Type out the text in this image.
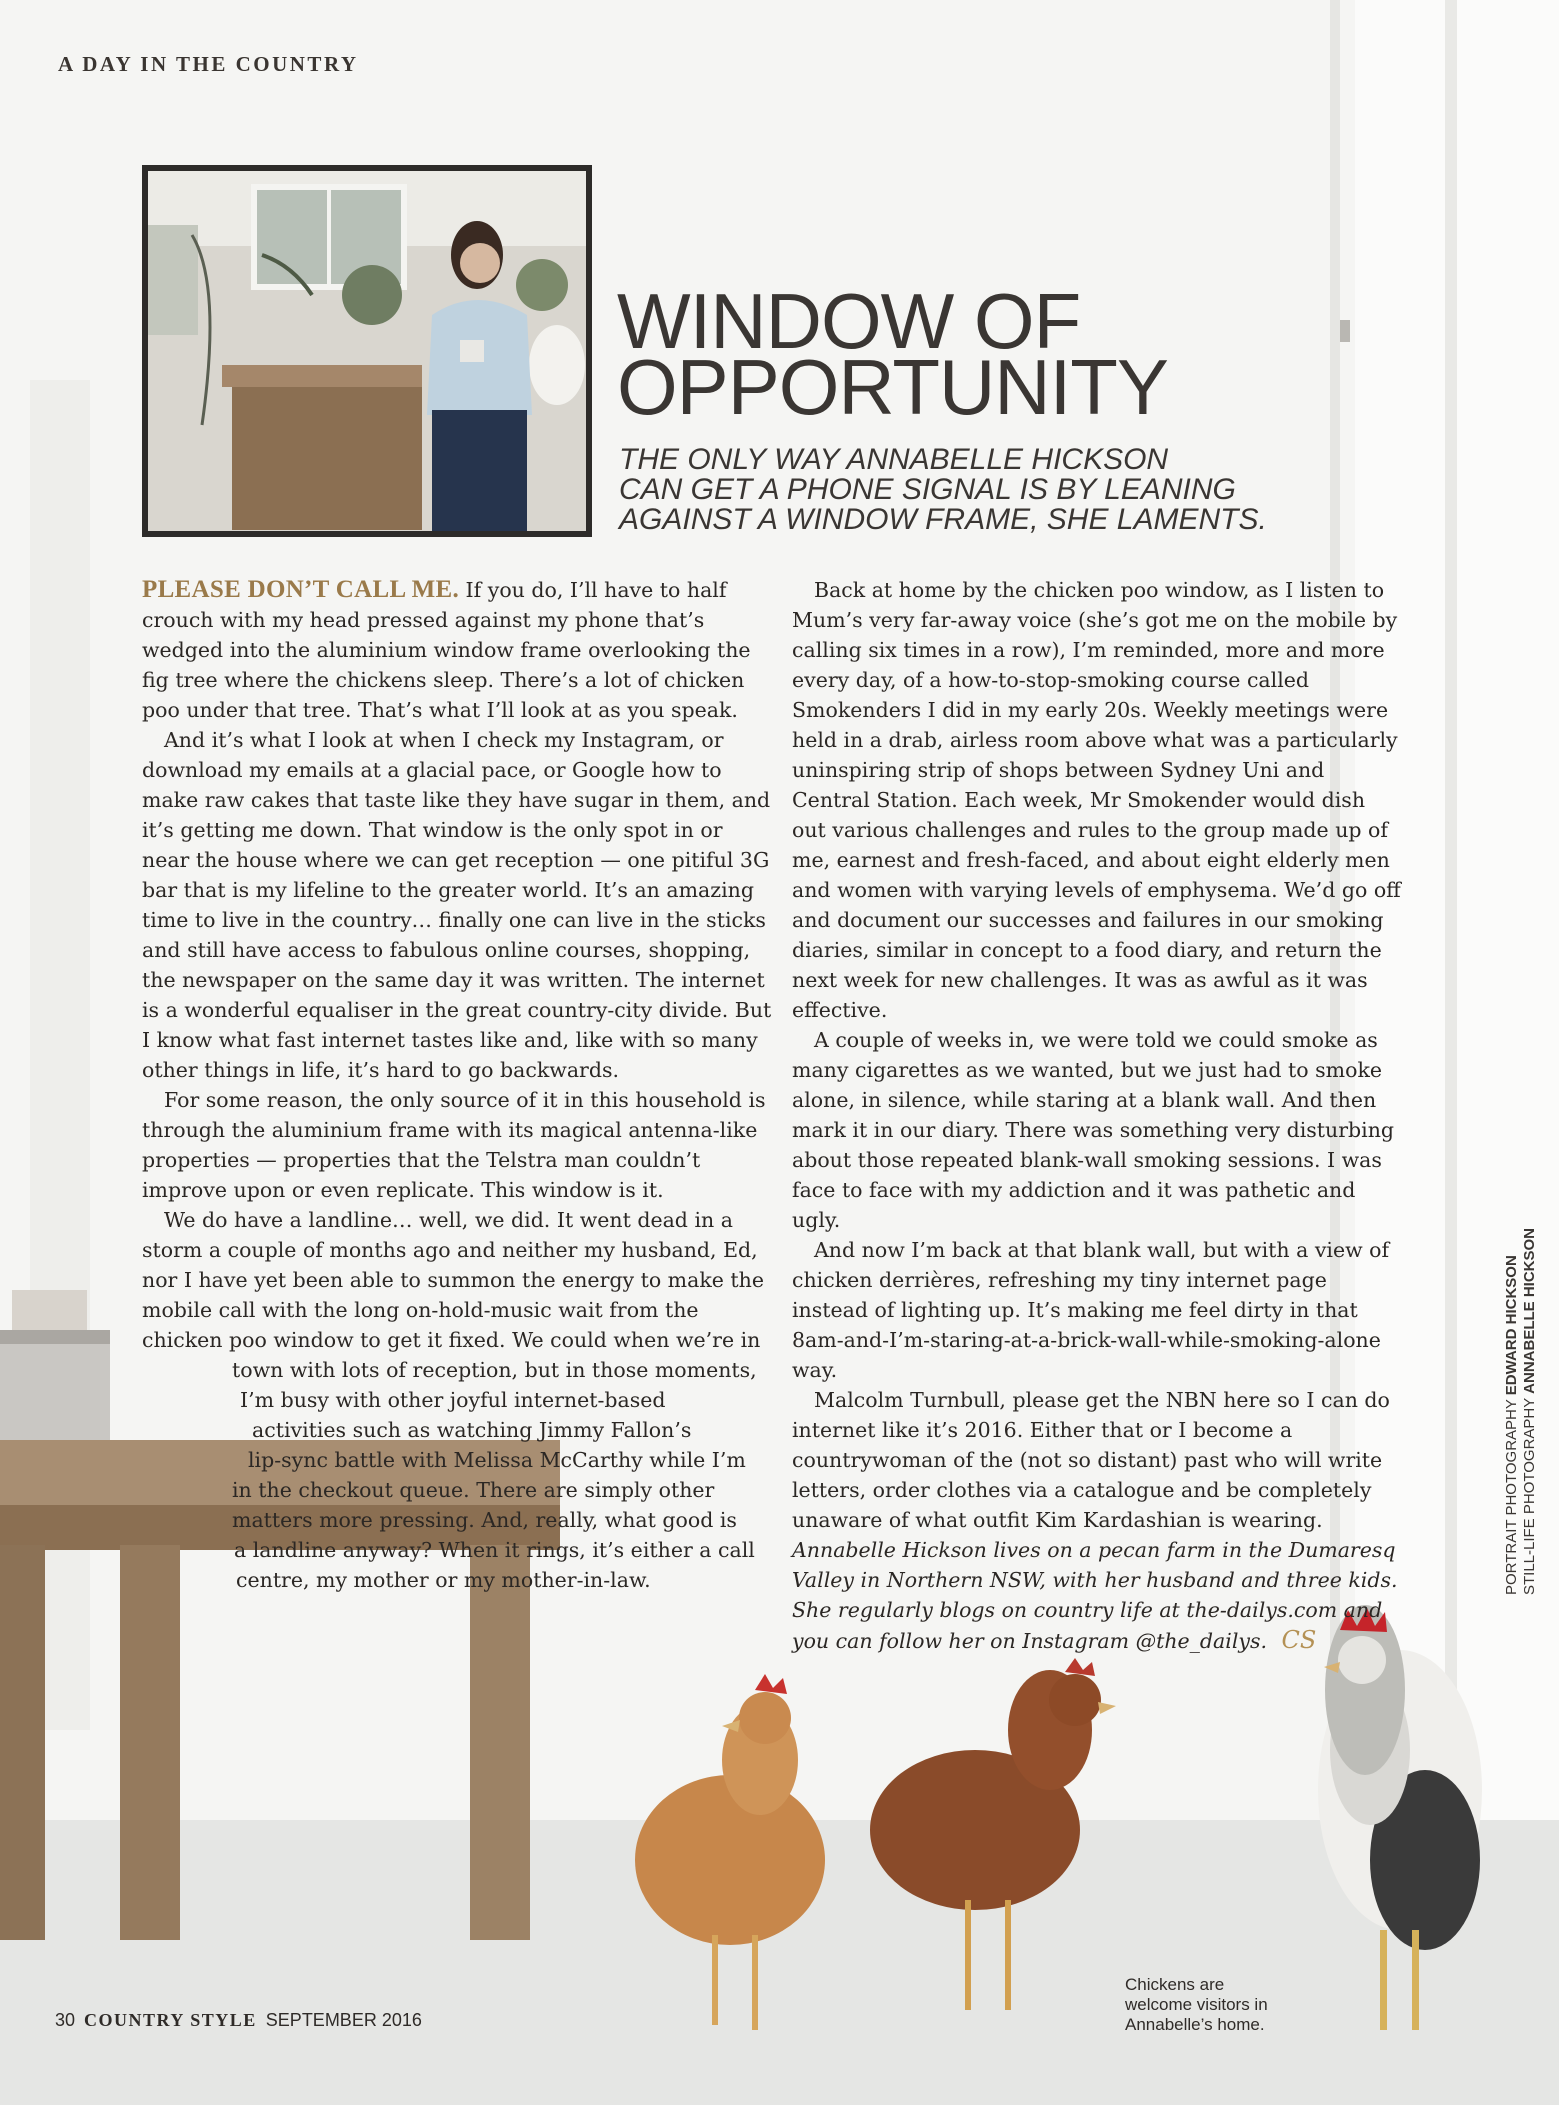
A DAY IN THE COUNTRY
WINDOW OF
OPPORTUNITY

THE ONLY WAY ANNABELLE HICKSON
CAN GET A PHONE SIGNAL IS BY LEANING
AGAINST A WINDOW FRAME, SHE LAMENTS.

PLEASE DON’T CALL ME. If you do, I’ll have to half crouch with my head pressed against my phone that’s wedged into the aluminium window frame overlooking the fig tree where the chickens sleep. There’s a lot of chicken poo under that tree. That’s what I’ll look at as you speak.

And it’s what I look at when I check my Instagram, or download my emails at a glacial pace, or Google how to make raw cakes that taste like they have sugar in them, and it’s getting me down. That window is the only spot in or near the house where we can get reception — one pitiful 3G bar that is my lifeline to the greater world. It’s an amazing time to live in the country… finally one can live in the sticks and still have access to fabulous online courses, shopping, the newspaper on the same day it was written. The internet is a wonderful equaliser in the great country-city divide. But I know what fast internet tastes like and, like with so many other things in life, it’s hard to go backwards.

For some reason, the only source of it in this household is through the aluminium frame with its magical antenna-like properties — properties that the Telstra man couldn’t improve upon or even replicate. This window is it.

We do have a landline… well, we did. It went dead in a storm a couple of months ago and neither my husband, Ed, nor I have yet been able to summon the energy to make the mobile call with the long on-hold-music wait from the chicken poo window to get it fixed. We could when we’re in

town with lots of reception, but in those moments,
I’m busy with other joyful internet-based
activities such as watching Jimmy Fallon’s
lip-sync battle with Melissa McCarthy while I’m
in the checkout queue. There are simply other
matters more pressing. And, really, what good is
a landline anyway? When it rings, it’s either a call
centre, my mother or my mother-in-law.

Back at home by the chicken poo window, as I listen to Mum’s very far-away voice (she’s got me on the mobile by calling six times in a row), I’m reminded, more and more every day, of a how-to-stop-smoking course called Smokenders I did in my early 20s. Weekly meetings were held in a drab, airless room above what was a particularly uninspiring strip of shops between Sydney Uni and Central Station. Each week, Mr Smokender would dish out various challenges and rules to the group made up of me, earnest and fresh-faced, and about eight elderly men and women with varying levels of emphysema. We’d go off and document our successes and failures in our smoking diaries, similar in concept to a food diary, and return the next week for new challenges. It was as awful as it was effective.

A couple of weeks in, we were told we could smoke as many cigarettes as we wanted, but we just had to smoke alone, in silence, while staring at a blank wall. And then mark it in our diary. There was something very disturbing about those repeated blank-wall smoking sessions. I was face to face with my addiction and it was pathetic and ugly.

And now I’m back at that blank wall, but with a view of chicken derrières, refreshing my tiny internet page instead of lighting up. It’s making me feel dirty in that 8am-and-I’m-staring-at-a-brick-wall-while-smoking-alone way.

Malcolm Turnbull, please get the NBN here so I can do internet like it’s 2016. Either that or I become a countrywoman of the (not so distant) past who will write letters, order clothes via a catalogue and be completely unaware of what outfit Kim Kardashian is wearing.

Annabelle Hickson lives on a pecan farm in the Dumaresq Valley in Northern NSW, with her husband and three kids. She regularly blogs on country life at the-dailys.com and you can follow her on Instagram @the_dailys. CS

PORTRAIT PHOTOGRAPHY EDWARD HICKSON
STILL-LIFE PHOTOGRAPHY ANNABELLE HICKSON
Chickens are
welcome visitors in
Annabelle’s home.
30 COUNTRY STYLE SEPTEMBER 2016
